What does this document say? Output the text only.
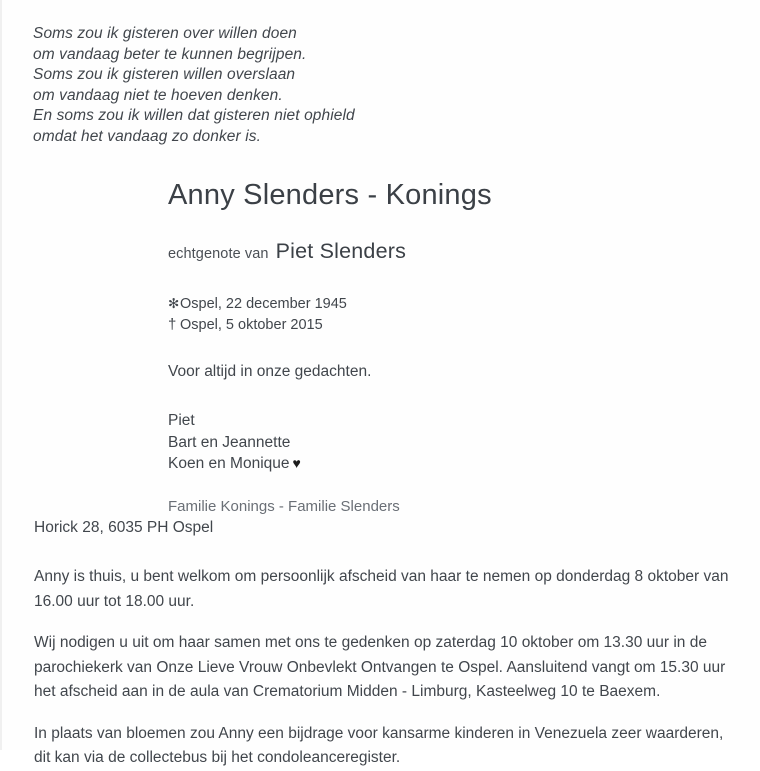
Soms zou ik gisteren over willen doen
om vandaag beter te kunnen begrijpen.
Soms zou ik gisteren willen overslaan
om vandaag niet te hoeven denken.
En soms zou ik willen dat gisteren niet ophield
omdat het vandaag zo donker is.
Anny Slenders - Konings
echtgenote van Piet Slenders
✻Ospel, 22 december 1945
† Ospel, 5 oktober 2015
Voor altijd in onze gedachten.
Piet
Bart en Jeannette
Koen en Monique ♥
Familie Konings - Familie Slenders

Horick 28, 6035 PH Ospel

Anny is thuis, u bent welkom om persoonlijk afscheid van haar te nemen op donderdag 8 oktober van 16.00 uur tot 18.00 uur.

Wij nodigen u uit om haar samen met ons te gedenken op zaterdag 10 oktober om 13.30 uur in de parochiekerk van Onze Lieve Vrouw Onbevlekt Ontvangen te Ospel. Aansluitend vangt om 15.30 uur het afscheid aan in de aula van Crematorium Midden - Limburg, Kasteelweg 10 te Baexem.

In plaats van bloemen zou Anny een bijdrage voor kansarme kinderen in Venezuela zeer waarderen, dit kan via de collectebus bij het condoleanceregister.
